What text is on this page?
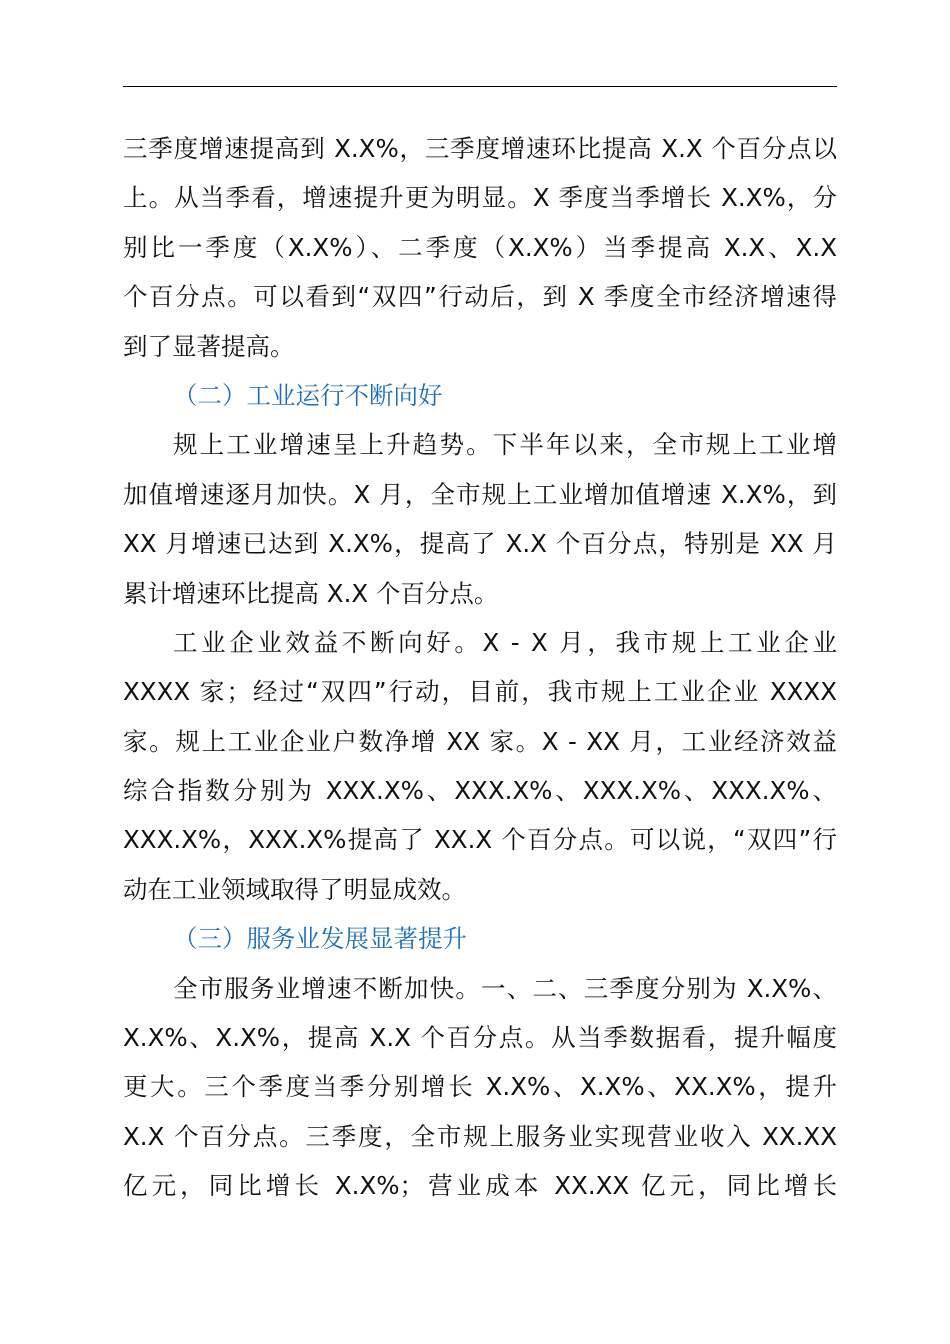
三季度增速提高到 X.X%，三季度增速环比提高 X.X 个百分点以
上。从当季看，增速提升更为明显。X 季度当季增长 X.X%，分
别比一季度（X.X%）、二季度（X.X%）当季提高 X.X、X.X
个百分点。可以看到“双四”行动后，到 X 季度全市经济增速得
到了显著提高。
（二）工业运行不断向好
规上工业增速呈上升趋势。下半年以来，全市规上工业增
加值增速逐月加快。X 月，全市规上工业增加值增速 X.X%，到
XX 月增速已达到 X.X%，提高了 X.X 个百分点，特别是 XX 月
累计增速环比提高 X.X 个百分点。
工业企业效益不断向好。X - X 月，我市规上工业企业
XXXX 家；经过“双四”行动，目前，我市规上工业企业 XXXX
家。规上工业企业户数净增 XX 家。X - XX 月，工业经济效益
综合指数分别为 XXX.X%、XXX.X%、XXX.X%、XXX.X%、
XXX.X%，XXX.X%提高了 XX.X 个百分点。可以说，“双四”行
动在工业领域取得了明显成效。
（三）服务业发展显著提升
全市服务业增速不断加快。一、二、三季度分别为 X.X%、
X.X%、X.X%，提高 X.X 个百分点。从当季数据看，提升幅度
更大。三个季度当季分别增长 X.X%、X.X%、XX.X%，提升
X.X 个百分点。三季度，全市规上服务业实现营业收入 XX.XX
亿元，同比增长 X.X%；营业成本 XX.XX 亿元，同比增长
